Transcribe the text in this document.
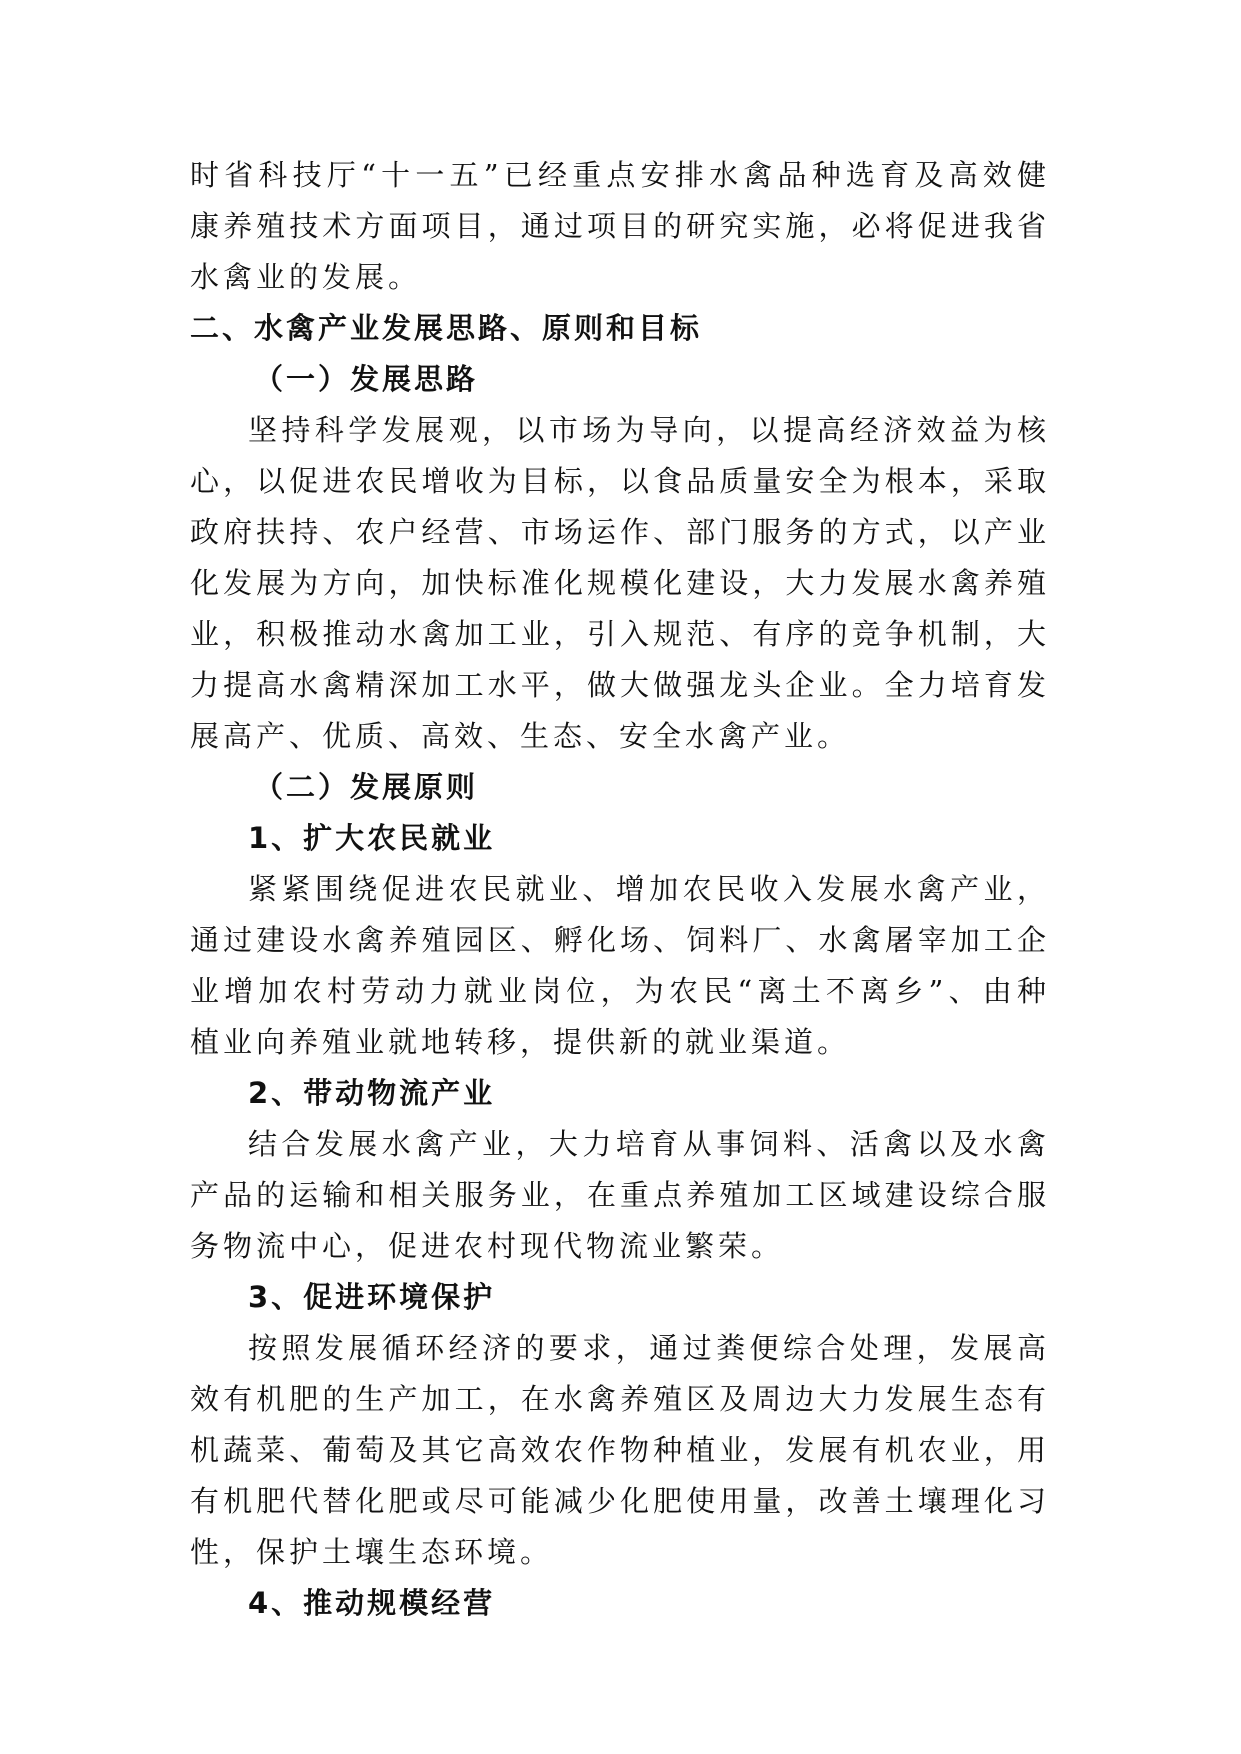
时省科技厅“十一五”已经重点安排水禽品种选育及高效健康养殖技术方面项目，通过项目的研究实施，必将促进我省水禽业的发展。

二、水禽产业发展思路、原则和目标

（一）发展思路

坚持科学发展观，以市场为导向，以提高经济效益为核心，以促进农民增收为目标，以食品质量安全为根本，采取政府扶持、农户经营、市场运作、部门服务的方式，以产业化发展为方向，加快标准化规模化建设，大力发展水禽养殖业，积极推动水禽加工业，引入规范、有序的竞争机制，大力提高水禽精深加工水平，做大做强龙头企业。全力培育发展高产、优质、高效、生态、安全水禽产业。

（二）发展原则

1、扩大农民就业

紧紧围绕促进农民就业、增加农民收入发展水禽产业，通过建设水禽养殖园区、孵化场、饲料厂、水禽屠宰加工企业增加农村劳动力就业岗位，为农民“离土不离乡”、由种植业向养殖业就地转移，提供新的就业渠道。

2、带动物流产业

结合发展水禽产业，大力培育从事饲料、活禽以及水禽产品的运输和相关服务业，在重点养殖加工区域建设综合服务物流中心，促进农村现代物流业繁荣。

3、促进环境保护

按照发展循环经济的要求，通过粪便综合处理，发展高效有机肥的生产加工，在水禽养殖区及周边大力发展生态有机蔬菜、葡萄及其它高效农作物种植业，发展有机农业，用有机肥代替化肥或尽可能减少化肥使用量，改善土壤理化习性，保护土壤生态环境。

4、推动规模经营
